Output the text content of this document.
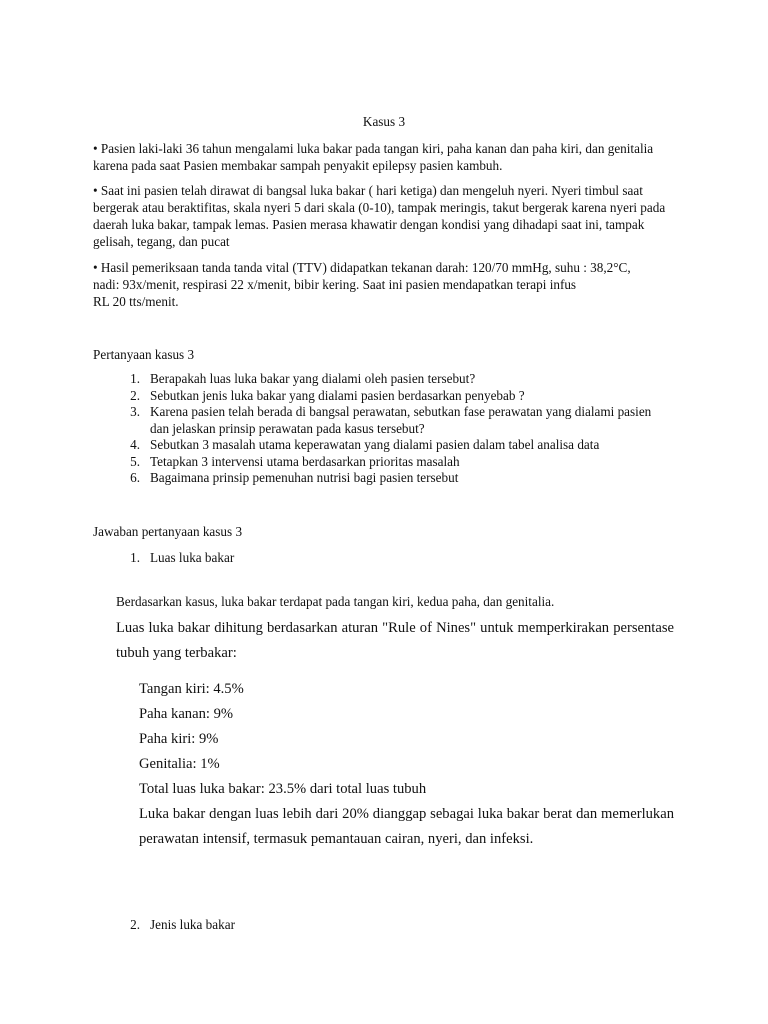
Kasus 3
• Pasien laki-laki 36 tahun mengalami luka bakar pada tangan kiri, paha kanan dan paha kiri, dan genitalia karena pada saat Pasien membakar sampah penyakit epilepsy pasien kambuh.
• Saat ini pasien telah dirawat di bangsal luka bakar ( hari ketiga) dan mengeluh nyeri. Nyeri timbul saat bergerak atau beraktifitas, skala nyeri 5 dari skala (0-10), tampak meringis, takut bergerak karena nyeri pada daerah luka bakar, tampak lemas. Pasien merasa khawatir dengan kondisi yang dihadapi saat ini, tampak gelisah, tegang, dan pucat
• Hasil pemeriksaan tanda tanda vital (TTV) didapatkan tekanan darah: 120/70 mmHg, suhu : 38,2°C, nadi: 93x/menit, respirasi 22 x/menit, bibir kering. Saat ini pasien mendapatkan terapi infus
RL 20 tts/menit.
Pertanyaan kasus 3
1. Berapakah luas luka bakar yang dialami oleh pasien tersebut?
2. Sebutkan jenis luka bakar yang dialami pasien berdasarkan penyebab ?
3. Karena pasien telah berada di bangsal perawatan, sebutkan fase perawatan yang dialami pasien dan jelaskan prinsip perawatan pada kasus tersebut?
4. Sebutkan 3 masalah utama keperawatan yang dialami pasien dalam tabel analisa data
5. Tetapkan 3 intervensi utama berdasarkan prioritas masalah
6. Bagaimana prinsip pemenuhan nutrisi bagi pasien tersebut
Jawaban pertanyaan kasus 3
1. Luas luka bakar
Berdasarkan kasus, luka bakar terdapat pada tangan kiri, kedua paha, dan genitalia.
Luas luka bakar dihitung berdasarkan aturan "Rule of Nines" untuk memperkirakan persentase tubuh yang terbakar:
Tangan kiri: 4.5%
Paha kanan: 9%
Paha kiri: 9%
Genitalia: 1%
Total luas luka bakar: 23.5% dari total luas tubuh
Luka bakar dengan luas lebih dari 20% dianggap sebagai luka bakar berat dan memerlukan perawatan intensif, termasuk pemantauan cairan, nyeri, dan infeksi.
2. Jenis luka bakar
